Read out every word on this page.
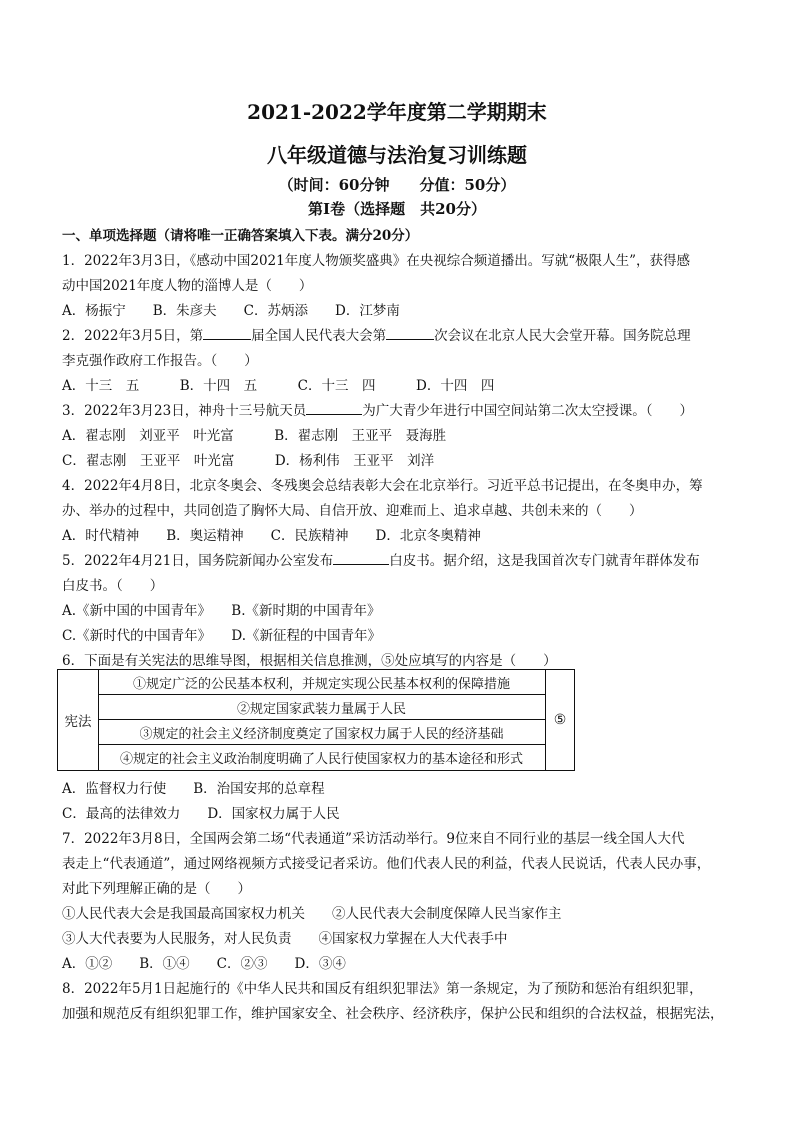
2021-2022学年度第二学期期末
八年级道德与法治复习训练题
（时间：60分钟　　分值：50分）
第Ⅰ卷（选择题　共20分）
一、单项选择题（请将唯一正确答案填入下表。满分20分）
1．2022年3月3日，《感动中国2021年度人物颁奖盛典》在央视综合频道播出。写就“极限人生”，获得感
动中国2021年度人物的淄博人是（　　）
A．杨振宁　　B．朱彦夫　　C．苏炳添　　D．江梦南
2．2022年3月5日，第	届全国人民代表大会第	次会议在北京人民大会堂开幕。国务院总理
李克强作政府工作报告。（　　）
A．十三　五　　　B．十四　五　　　C．十三　四　　　D．十四　四
3．2022年3月23日，神舟十三号航天员	为广大青少年进行中国空间站第二次太空授课。（　　）
A．翟志刚　刘亚平　叶光富　　　B．翟志刚　王亚平　聂海胜
C．翟志刚　王亚平　叶光富　　　D．杨利伟　王亚平　刘洋
4．2022年4月8日，北京冬奥会、冬残奥会总结表彰大会在北京举行。习近平总书记提出，在冬奥申办，筹
办、举办的过程中，共同创造了胸怀大局、自信开放、迎难而上、追求卓越、共创未来的（　　）
A．时代精神　　B．奥运精神　　C．民族精神　　D．北京冬奥精神
5．2022年4月21日，国务院新闻办公室发布	白皮书。据介绍，这是我国首次专门就青年群体发布
白皮书。（　　）
A.《新中国的中国青年》　　B.《新时期的中国青年》
C.《新时代的中国青年》　　D.《新征程的中国青年》
6．下面是有关宪法的思维导图，根据相关信息推测，⑤处应填写的内容是（　　）
宪法
①规定广泛的公民基本权利，并规定实现公民基本权利的保障措施
②规定国家武装力量属于人民
③规定的社会主义经济制度奠定了国家权力属于人民的经济基础
④规定的社会主义政治制度明确了人民行使国家权力的基本途径和形式
⑤
A．监督权力行使　　B．治国安邦的总章程
C．最高的法律效力　　D．国家权力属于人民
7．2022年3月8日，全国两会第二场“代表通道”采访活动举行。9位来自不同行业的基层一线全国人大代
表走上“代表通道”，通过网络视频方式接受记者采访。他们代表人民的利益，代表人民说话，代表人民办事，
对此下列理解正确的是（　　）
①人民代表大会是我国最高国家权力机关　　②人民代表大会制度保障人民当家作主
③人大代表要为人民服务，对人民负责　　④国家权力掌握在人大代表手中
A．①②　　B．①④　　C．②③　　D．③④
8．2022年5月1日起施行的《中华人民共和国反有组织犯罪法》第一条规定，为了预防和惩治有组织犯罪，
加强和规范反有组织犯罪工作，维护国家安全、社会秩序、经济秩序，保护公民和组织的合法权益，根据宪法，
